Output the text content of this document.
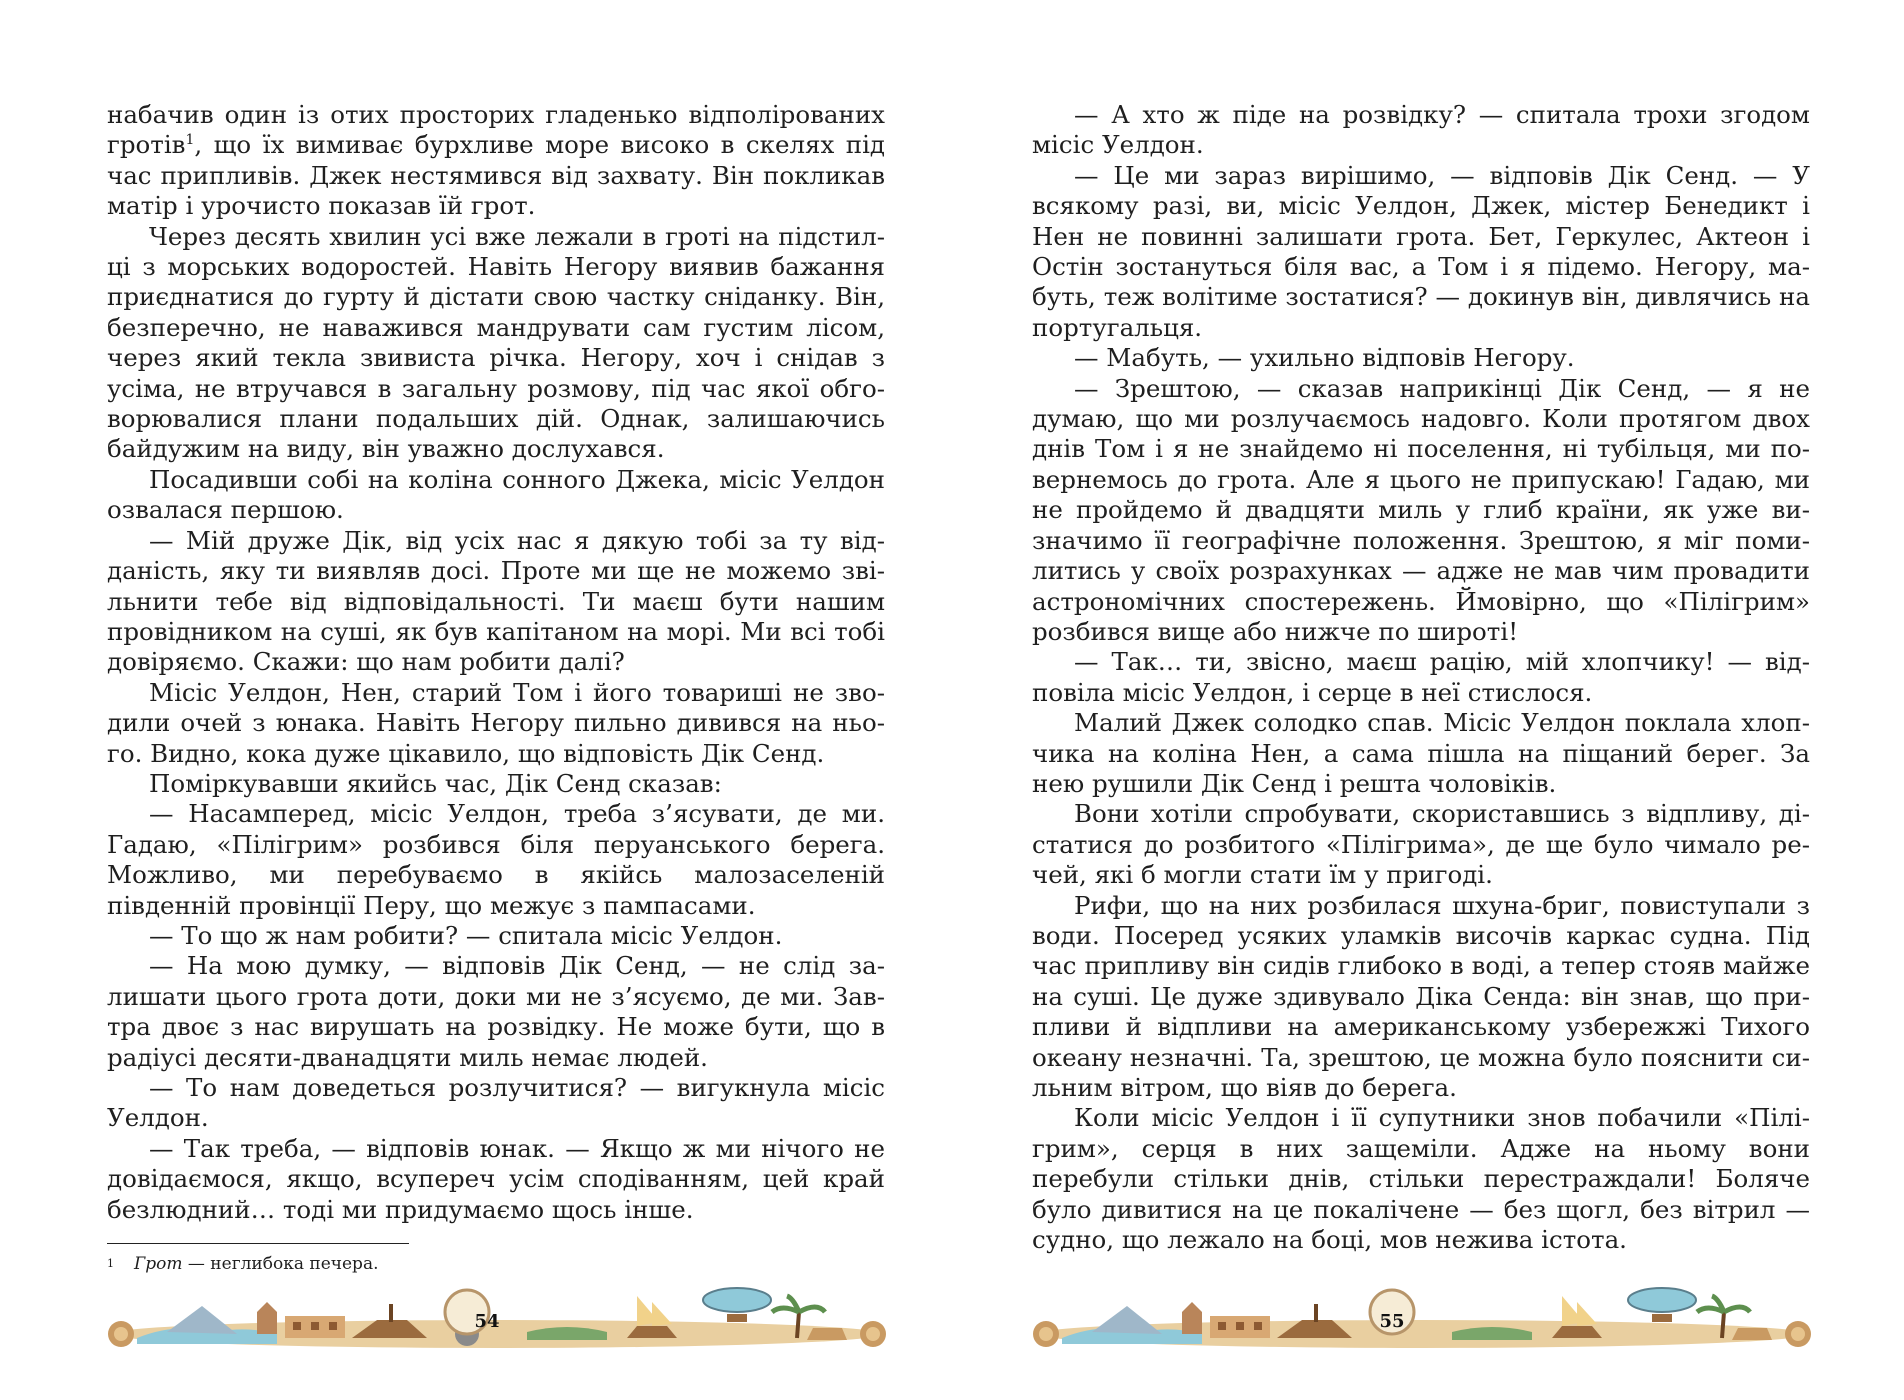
набачив один із отих просторих гладенько відполірованих гротів$^1$, що їх вимиває бурхливе море високо в скелях під час припливів. Джек нестямився від захвату. Він покликав матір і урочисто показав їй грот.

Через десять хвилин усі вже лежали в гроті на підстилці з морських водоростей. Навіть Негору виявив бажання приєднатися до гурту й дістати свою частку сніданку. Він, безперечно, не наважився мандрувати сам густим лісом, через який текла звивиста річка. Негору, хоч і снідав з усіма, не втручався в загальну розмову, під час якої обговорювалися плани подальших дій. Однак, залишаючись байдужим на виду, він уважно дослухався.

Посадивши собі на коліна сонного Джека, місіс Уелдон озвалася першою.

— Мій друже Дік, від усіх нас я дякую тобі за ту відданість, яку ти виявляв досі. Проте ми ще не можемо звільнити тебе від відповідальності. Ти маєш бути нашим провідником на суші, як був капітаном на морі. Ми всі тобі довіряємо. Скажи: що нам робити далі?

Місіс Уелдон, Нен, старий Том і його товариші не зводили очей з юнака. Навіть Негору пильно дивився на нього. Видно, кока дуже цікавило, що відповість Дік Сенд.

Поміркувавши якийсь час, Дік Сенд сказав:

— Насамперед, місіс Уелдон, треба з’ясувати, де ми. Гадаю, «Пілігрим» розбився біля перуанського берега. Можливо, ми перебуваємо в якійсь малозаселеній південній провінції Перу, що межує з пампасами.

— То що ж нам робити? — спитала місіс Уелдон.

— На мою думку, — відповів Дік Сенд, — не слід залишати цього грота доти, доки ми не з’ясуємо, де ми. Завтра двоє з нас вирушать на розвідку. Не може бути, що в радіусі десяти-дванадцяти миль немає людей.

— То нам доведеться розлучитися? — вигукнула місіс Уелдон.

— Так треба, — відповів юнак. — Якщо ж ми нічого не довідаємося, якщо, всупереч усім сподіванням, цей край безлюдний… тоді ми придумаємо щось інше.

$^1$ Грот — неглибока печера.
54

— А хто ж піде на розвідку? — спитала трохи згодом місіс Уелдон.

— Це ми зараз вирішимо, — відповів Дік Сенд. — У всякому разі, ви, місіс Уелдон, Джек, містер Бенедикт і Нен не повинні залишати грота. Бет, Геркулес, Актеон і Остін зостануться біля вас, а Том і я підемо. Негору, мабуть, теж волітиме зостатися? — докинув він, дивлячись на португальця.

— Мабуть, — ухильно відповів Негору.

— Зрештою, — сказав наприкінці Дік Сенд, — я не думаю, що ми розлучаємось надовго. Коли протягом двох днів Том і я не знайдемо ні поселення, ні тубільця, ми повернемось до грота. Але я цього не припускаю! Гадаю, ми не пройдемо й двадцяти миль у глиб країни, як уже визначимо її географічне положення. Зрештою, я міг помилитись у своїх розрахунках — адже не мав чим провадити астрономічних спостережень. Ймовірно, що «Пілігрим» розбився вище або нижче по широті!

— Так… ти, звісно, маєш рацію, мій хлопчику! — відповіла місіс Уелдон, і серце в неї стислося.

Малий Джек солодко спав. Місіс Уелдон поклала хлопчика на коліна Нен, а сама пішла на піщаний берег. За нею рушили Дік Сенд і решта чоловіків.

Вони хотіли спробувати, скориставшись з відпливу, дістатися до розбитого «Пілігрима», де ще було чимало речей, які б могли стати їм у пригоді.

Рифи, що на них розбилася шхуна-бриг, повиступали з води. Посеред усяких уламків височів каркас судна. Під час припливу він сидів глибоко в воді, а тепер стояв майже на суші. Це дуже здивувало Діка Сенда: він знав, що припливи й відпливи на американському узбережжі Тихого океану незначні. Та, зрештою, це можна було пояснити сильним вітром, що віяв до берега.

Коли місіс Уелдон і її супутники знов побачили «Пілігрим», серця в них защеміли. Адже на ньому вони перебули стільки днів, стільки перестраждали! Боляче було дивитися на це покалічене — без щогл, без вітрил — судно, що лежало на боці, мов нежива істота.

55
